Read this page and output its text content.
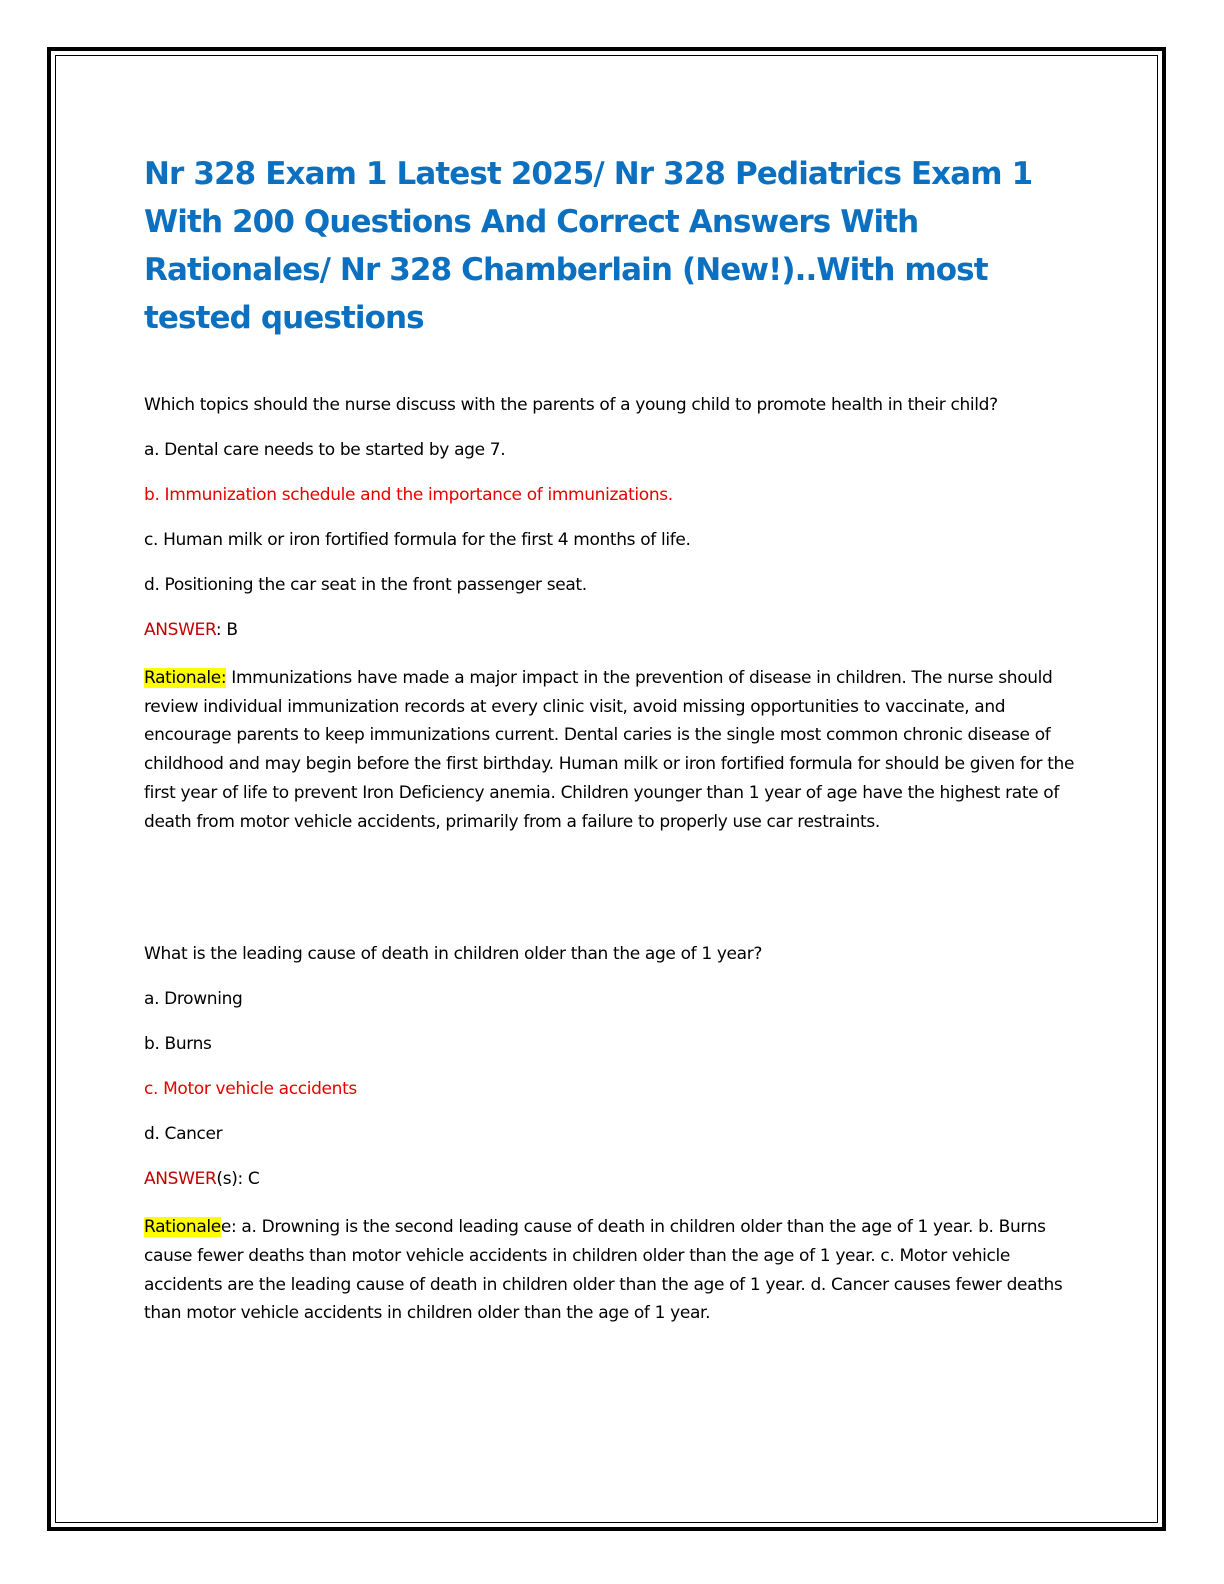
Nr 328 Exam 1 Latest 2025/ Nr 328 Pediatrics Exam 1 With 200 Questions And Correct Answers With Rationales/ Nr 328 Chamberlain (New!)..With most tested questions

Which topics should the nurse discuss with the parents of a young child to promote health in their child?

a. Dental care needs to be started by age 7.

b. Immunization schedule and the importance of immunizations.

c. Human milk or iron fortified formula for the first 4 months of life.

d. Positioning the car seat in the front passenger seat.

ANSWER: B

Rationale: Immunizations have made a major impact in the prevention of disease in children. The nurse should review individual immunization records at every clinic visit, avoid missing opportunities to vaccinate, and encourage parents to keep immunizations current. Dental caries is the single most common chronic disease of childhood and may begin before the first birthday. Human milk or iron fortified formula for should be given for the first year of life to prevent Iron Deficiency anemia. Children younger than 1 year of age have the highest rate of death from motor vehicle accidents, primarily from a failure to properly use car restraints.

What is the leading cause of death in children older than the age of 1 year?

a. Drowning

b. Burns

c. Motor vehicle accidents

d. Cancer

ANSWER(s): C

Rationalee: a. Drowning is the second leading cause of death in children older than the age of 1 year. b. Burns cause fewer deaths than motor vehicle accidents in children older than the age of 1 year. c. Motor vehicle accidents are the leading cause of death in children older than the age of 1 year. d. Cancer causes fewer deaths than motor vehicle accidents in children older than the age of 1 year.
